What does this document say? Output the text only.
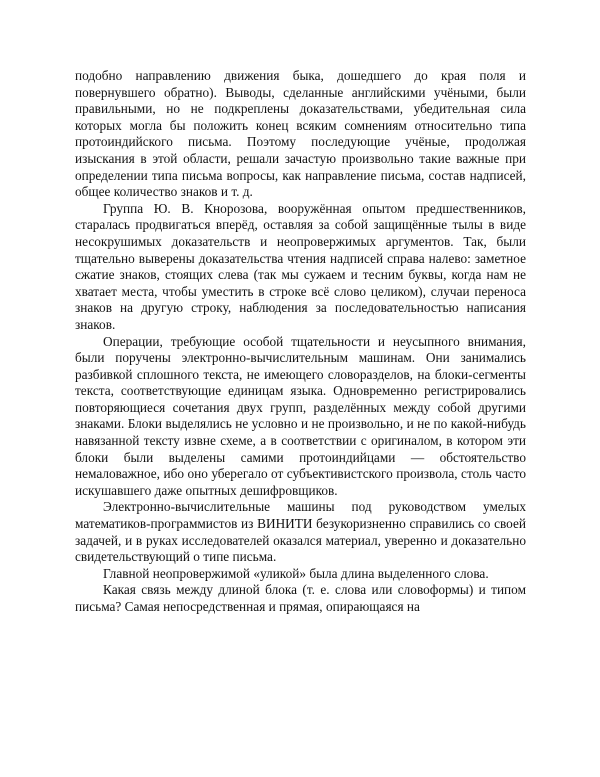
подобно направлению движения быка, дошедшего до края поля и повернувшего обратно). Выводы, сделанные английскими учёными, были правильными, но не подкреплены доказательствами, убедительная сила которых могла бы положить конец всяким сомнениям относительно типа протоиндийского письма. Поэтому последующие учёные, продолжая изыскания в этой области, решали зачастую произвольно такие важные при определении типа письма вопросы, как направление письма, состав надписей, общее количество знаков и т. д.

Группа Ю. В. Кнорозова, вооружённая опытом предшественников, старалась продвигаться вперёд, оставляя за собой защищённые тылы в виде несокрушимых доказательств и неопровержимых аргументов. Так, были тщательно выверены доказательства чтения надписей справа налево: заметное сжатие знаков, стоящих слева (так мы сужаем и тесним буквы, когда нам не хватает места, чтобы уместить в строке всё слово целиком), случаи переноса знаков на другую строку, наблюдения за последовательностью написания знаков.

Операции, требующие особой тщательности и неусыпного внимания, были поручены электронно-вычислительным машинам. Они занимались разбивкой сплошного текста, не имеющего словоразделов, на блоки-сегменты текста, соответствующие единицам языка. Одновременно регистрировались повторяющиеся сочетания двух групп, разделённых между собой другими знаками. Блоки выделялись не условно и не произвольно, и не по какой-нибудь навязанной тексту извне схеме, а в соответствии с оригиналом, в котором эти блоки были выделены самими протоиндийцами — обстоятельство немаловажное, ибо оно уберегало от субъективистского произвола, столь часто искушавшего даже опытных дешифровщиков.

Электронно-вычислительные машины под руководством умелых математиков-программистов из ВИНИТИ безукоризненно справились со своей задачей, и в руках исследователей оказался материал, уверенно и доказательно свидетельствующий о типе письма.

Главной неопровержимой «уликой» была длина выделенного слова.

Какая связь между длиной блока (т. е. слова или словоформы) и типом письма? Самая непосредственная и прямая, опирающаяся на
